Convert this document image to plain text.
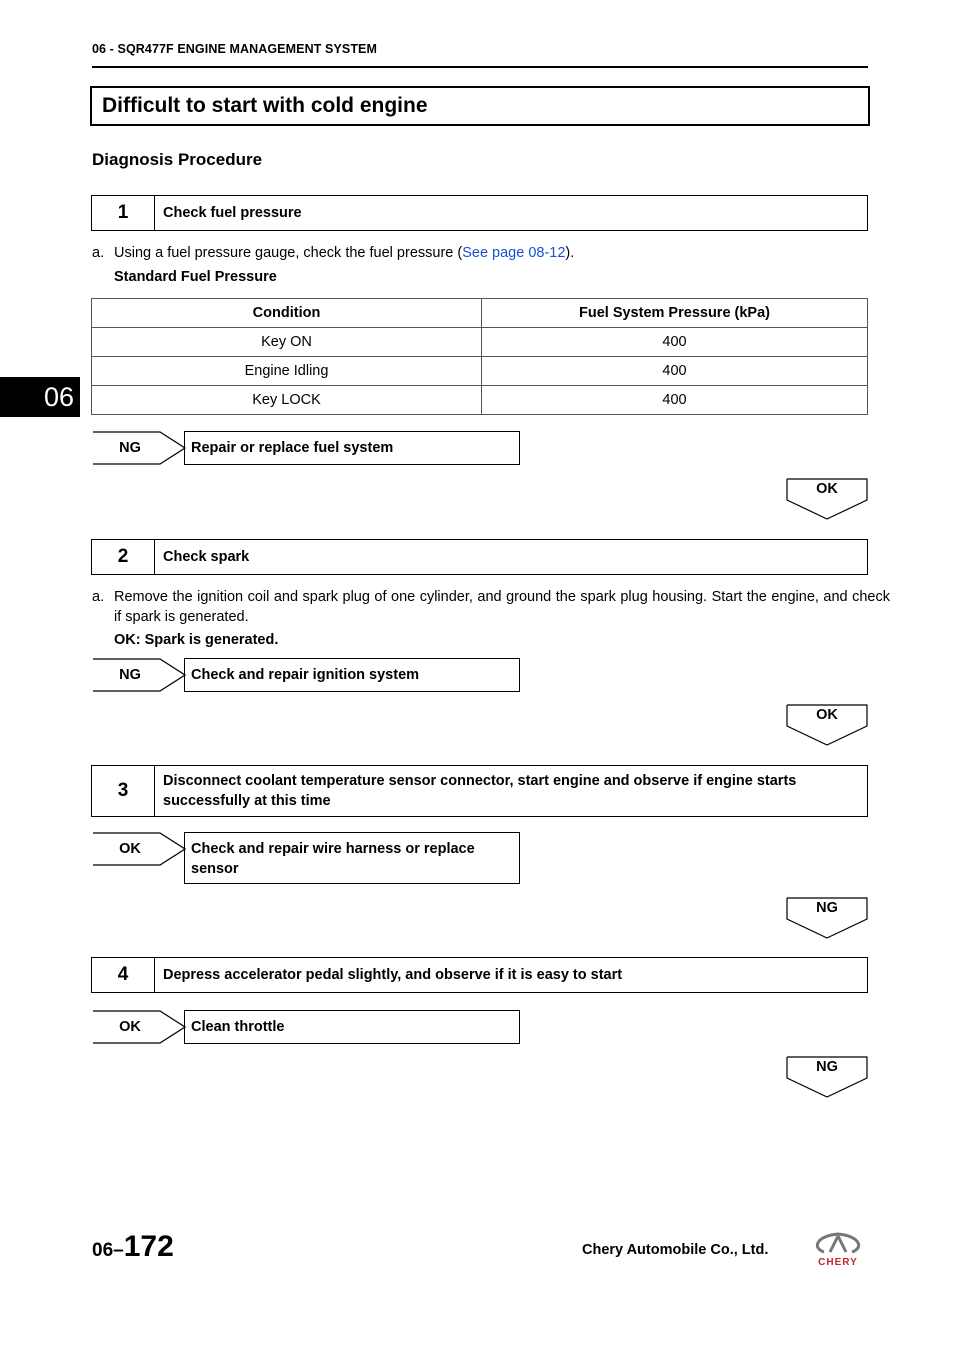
06 - SQR477F ENGINE MANAGEMENT SYSTEM
06
Difficult to start with cold engine
Diagnosis Procedure
1	Check fuel pressure
a. Using a fuel pressure gauge, check the fuel pressure (See page 08-12).
Standard Fuel Pressure
Condition	Fuel System Pressure (kPa)
Key ON	400
Engine Idling	400
Key LOCK	400
NG	Repair or replace fuel system
OK
2	Check spark
a. Remove the ignition coil and spark plug of one cylinder, and ground the spark plug housing. Start the engine, and check if spark is generated.
OK: Spark is generated.
NG	Check and repair ignition system
OK
3	Disconnect coolant temperature sensor connector, start engine and observe if engine starts successfully at this time
OK	Check and repair wire harness or replace sensor
NG
4	Depress accelerator pedal slightly, and observe if it is easy to start
OK	Clean throttle
NG
06–172	Chery Automobile Co., Ltd.
CHERY
